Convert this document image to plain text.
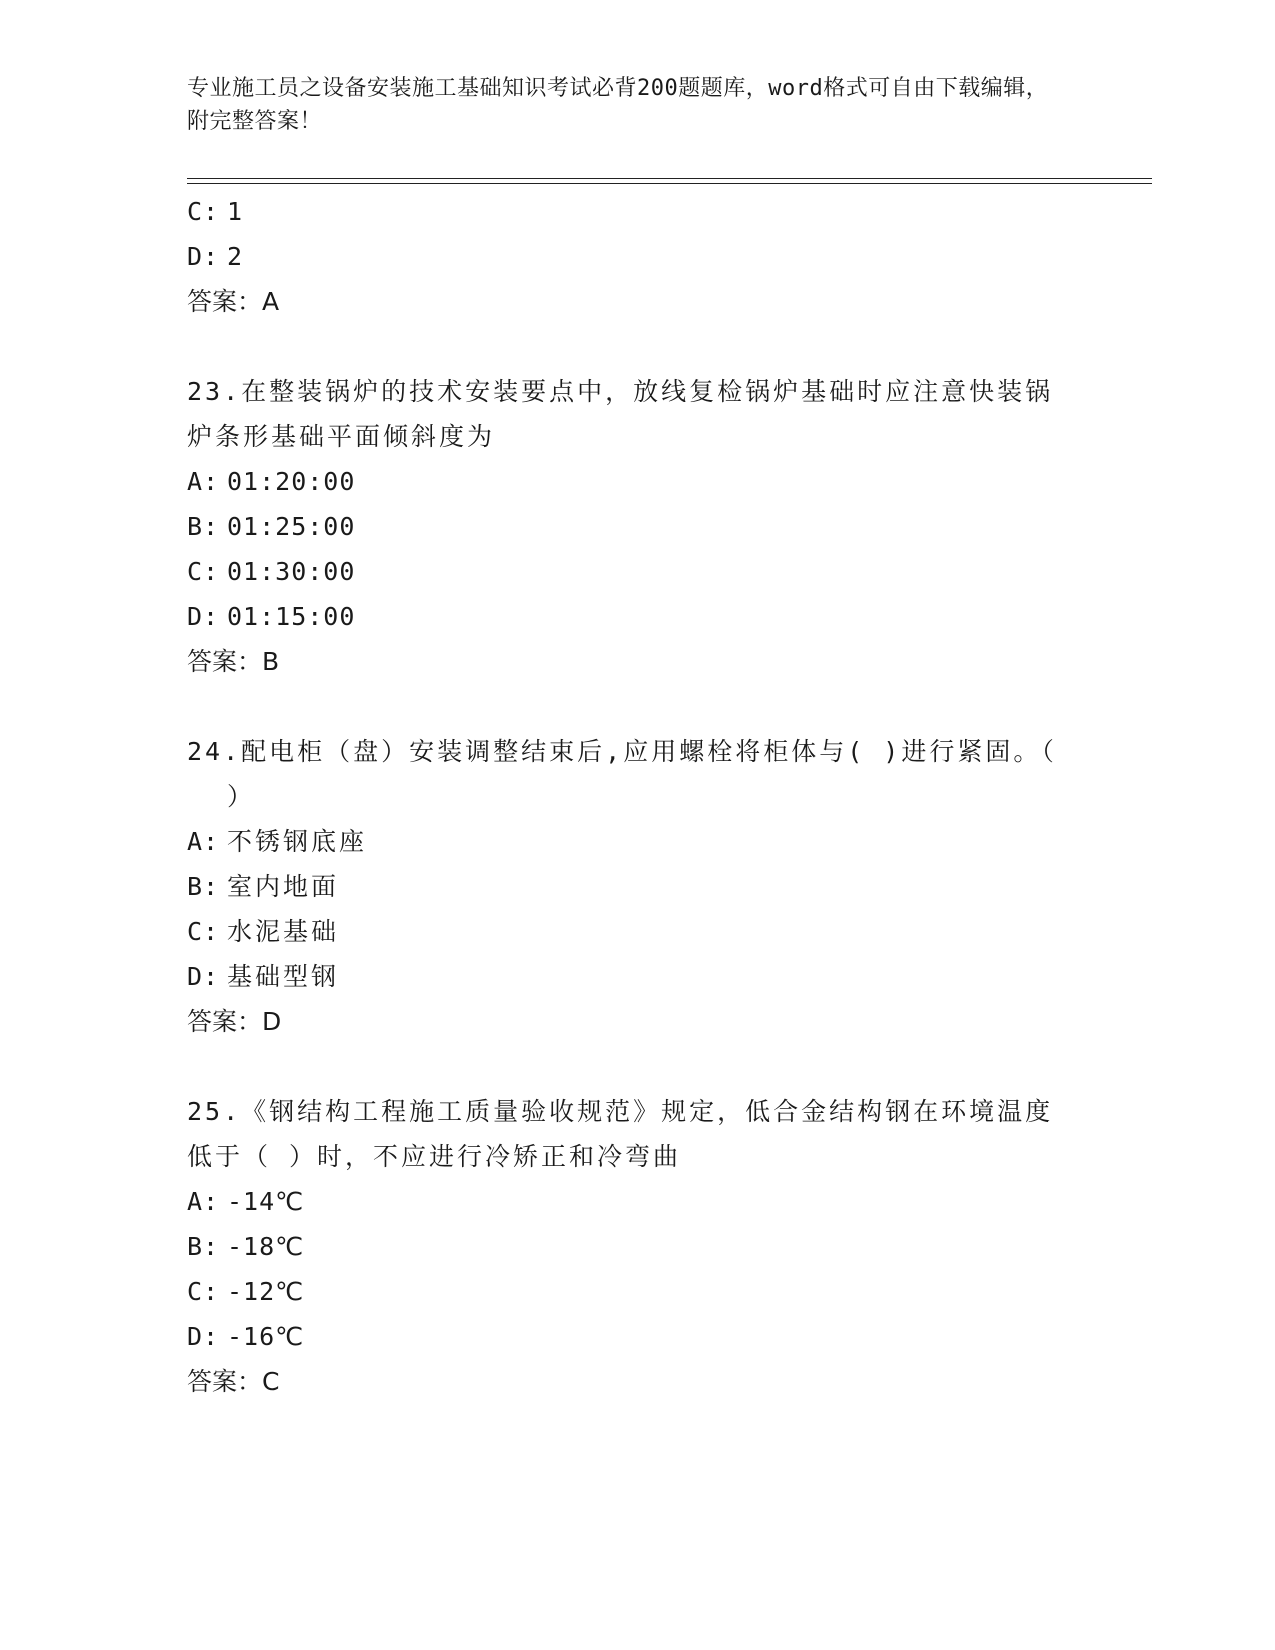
专业施工员之设备安装施工基础知识考试必背200题题库，word格式可自由下载编辑，附完整答案！
C: 1
D: 2
答案：A
23.在整装锅炉的技术安装要点中，放线复检锅炉基础时应注意快装锅
炉条形基础平面倾斜度为
A: 01:20:00
B: 01:25:00
C: 01:30:00
D: 01:15:00
答案：B
24.配电柜（盘）安装调整结束后,应用螺栓将柜体与( )进行紧固。（
）
A: 不锈钢底座
B: 室内地面
C: 水泥基础
D: 基础型钢
答案：D
25.《钢结构工程施工质量验收规范》规定，低合金结构钢在环境温度
低于（ ）时，不应进行冷矫正和冷弯曲
A: -14℃
B: -18℃
C: -12℃
D: -16℃
答案：C
